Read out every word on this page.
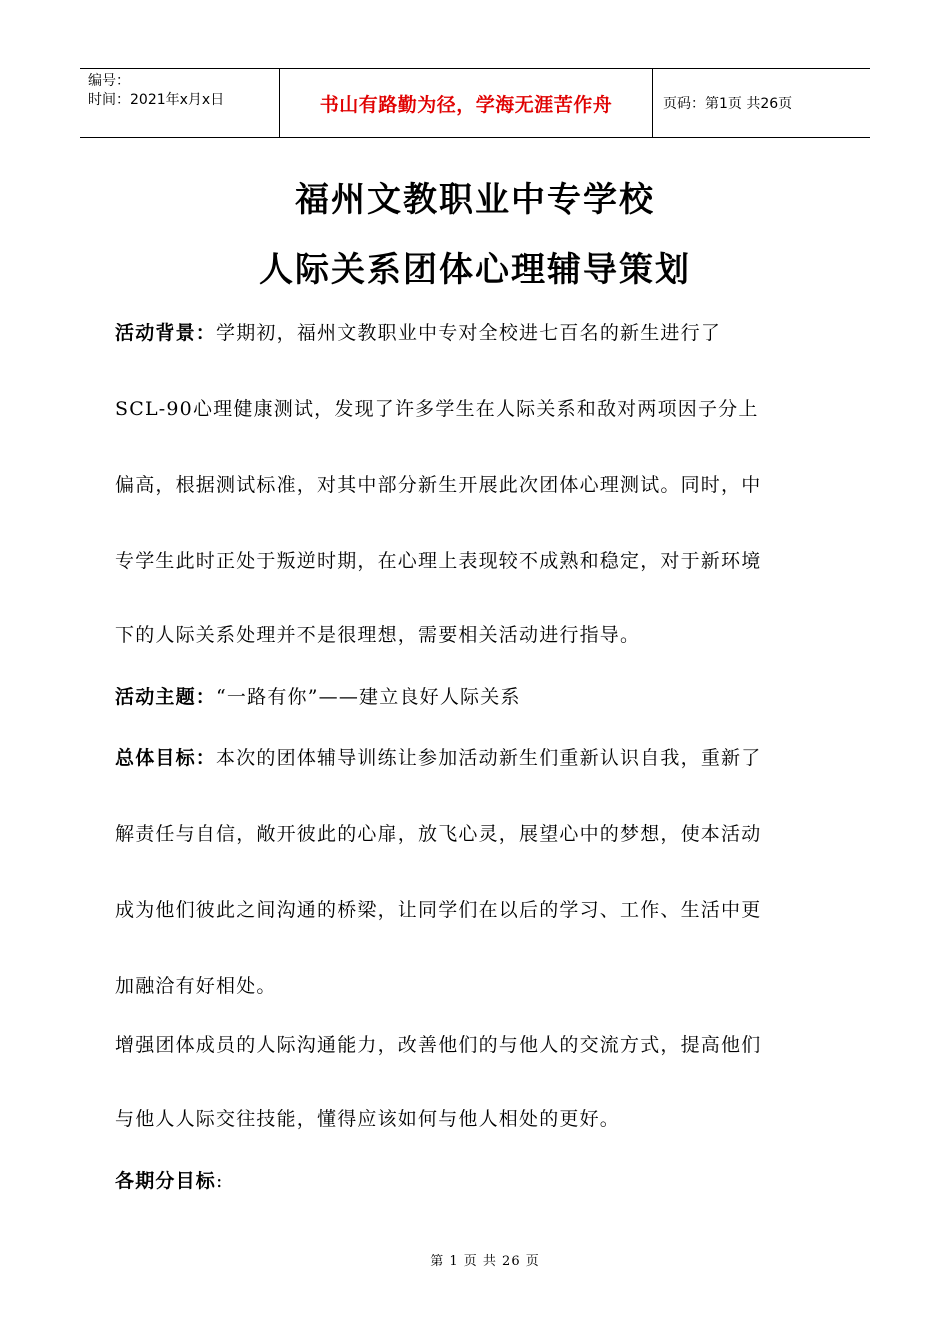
编号：
时间：2021年x月x日	书山有路勤为径，学海无涯苦作舟	页码：第1页 共26页
福州文教职业中专学校
人际关系团体心理辅导策划
活动背景：学期初，福州文教职业中专对全校进七百名的新生进行了
SCL-90心理健康测试，发现了许多学生在人际关系和敌对两项因子分上
偏高，根据测试标准，对其中部分新生开展此次团体心理测试。同时，中
专学生此时正处于叛逆时期，在心理上表现较不成熟和稳定，对于新环境
下的人际关系处理并不是很理想，需要相关活动进行指导。
活动主题：“一路有你”——建立良好人际关系
总体目标：本次的团体辅导训练让参加活动新生们重新认识自我，重新了
解责任与自信，敞开彼此的心扉，放飞心灵，展望心中的梦想，使本活动
成为他们彼此之间沟通的桥梁，让同学们在以后的学习、工作、生活中更
加融洽有好相处。
增强团体成员的人际沟通能力，改善他们的与他人的交流方式，提高他们
与他人人际交往技能，懂得应该如何与他人相处的更好。
各期分目标:
第 1 页 共 26 页
